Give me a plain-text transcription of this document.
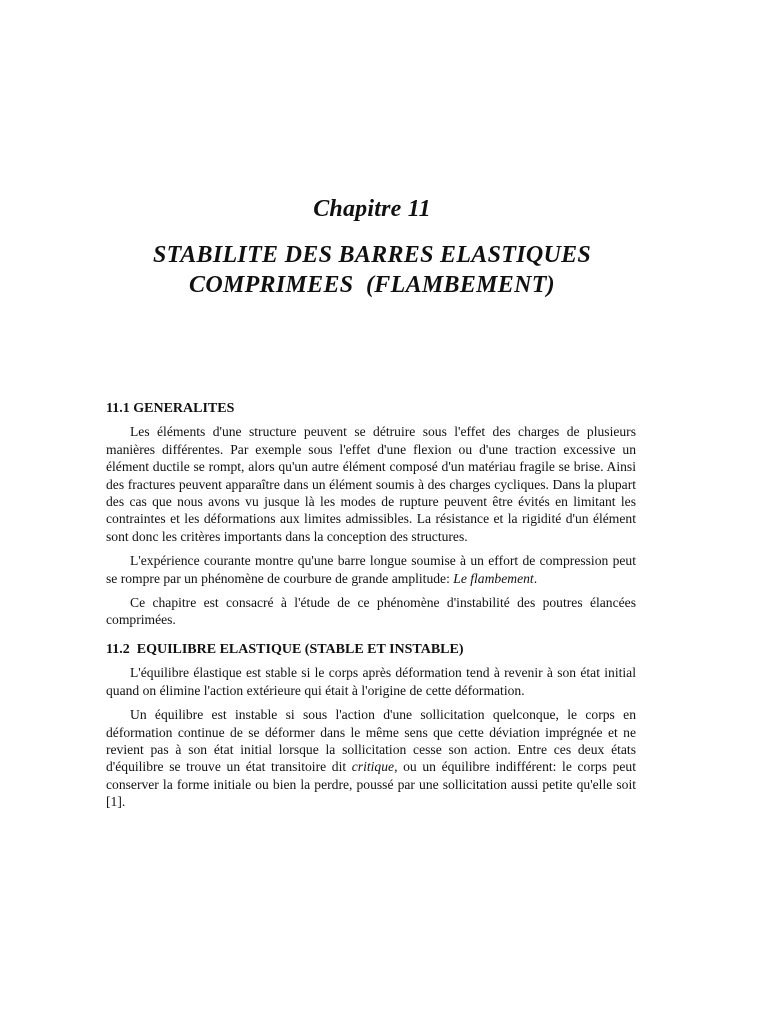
Chapitre 11
STABILITE DES BARRES ELASTIQUES
COMPRIMEES  (FLAMBEMENT)
11.1 GENERALITES

Les éléments d'une structure peuvent se détruire sous l'effet des charges de plusieurs manières différentes. Par exemple sous l'effet d'une flexion ou d'une traction excessive un élément ductile se rompt, alors qu'un autre élément composé d'un matériau fragile se brise. Ainsi des fractures peuvent apparaître dans un élément soumis à des charges cycliques. Dans la plupart des cas que nous avons vu jusque là les modes de rupture peuvent être évités en limitant les contraintes et les déformations aux limites admissibles. La résistance et la rigidité d'un élément sont donc les critères importants dans la conception des structures.

L'expérience courante montre qu'une barre longue soumise à un effort de compression peut se rompre par un phénomène de courbure de grande amplitude: Le flambement.

Ce chapitre est consacré à l'étude de ce phénomène d'instabilité des poutres élancées comprimées.

11.2  EQUILIBRE ELASTIQUE (STABLE ET INSTABLE)

L'équilibre élastique est stable si le corps après déformation tend à revenir à son état initial quand on élimine l'action extérieure qui était à l'origine de cette déformation.

Un équilibre est instable si sous l'action d'une sollicitation quelconque, le corps en déformation continue de se déformer dans le même sens que cette déviation imprégnée et ne revient pas à son état initial lorsque la sollicitation cesse son action. Entre ces deux états d'équilibre se trouve un état transitoire dit critique, ou un équilibre indifférent: le corps peut conserver la forme initiale ou bien la perdre, poussé par une sollicitation aussi petite qu'elle soit [1].
